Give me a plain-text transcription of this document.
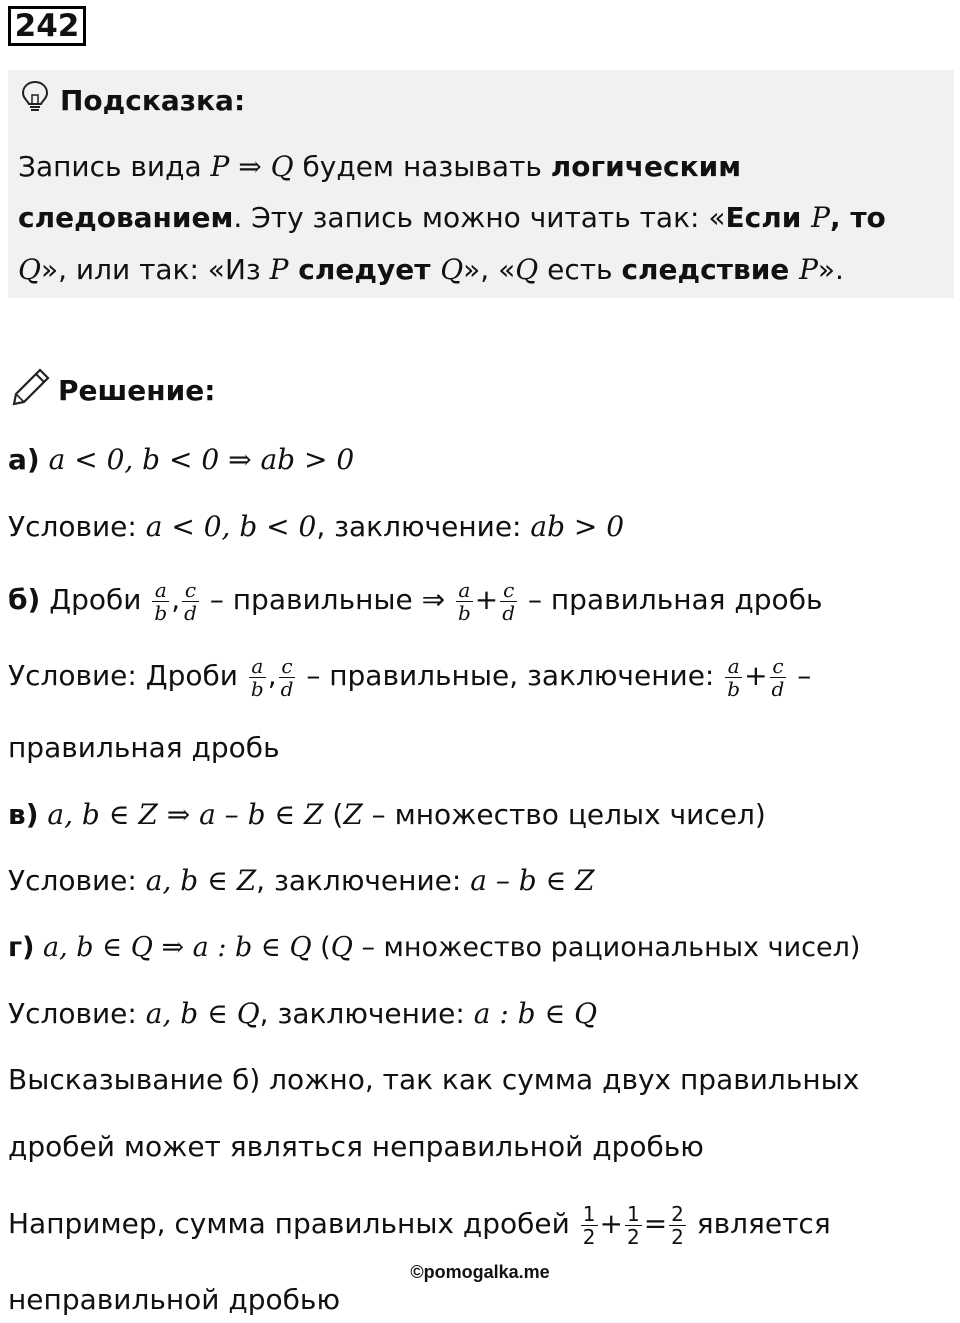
242
Подсказка:
Запись вида P ⇒ Q будем называть логическим
следованием. Эту запись можно читать так: «Если P, то
Q», или так: «Из P следует Q», «Q есть следствие P».
Решение:
а) a < 0, b < 0 ⇒ ab > 0
Условие: a < 0, b < 0, заключение: ab > 0
б) Дроби $\frac{a}{b}$ , $\frac{c}{d}$ – правильные ⇒ $\frac{a}{b} + \frac{c}{d}$ – правильная дробь
Условие: Дроби $\frac{a}{b}$ , $\frac{c}{d}$ – правильные, заключение: $\frac{a}{b} + \frac{c}{d}$ –
правильная дробь
в) a, b ∈ Z ⇒ a – b ∈ Z (Z – множество целых чисел)
Условие: a, b ∈ Z, заключение: a – b ∈ Z
г) a, b ∈ Q ⇒ a : b ∈ Q (Q – множество рациональных чисел)
Условие: a, b ∈ Q, заключение: a : b ∈ Q
Высказывание б) ложно, так как сумма двух правильных
дробей может являться неправильной дробью
Например, сумма правильных дробей $\frac{1}{2} + \frac{1}{2} = \frac{2}{2}$ является
©pomogalka.me
неправильной дробью
